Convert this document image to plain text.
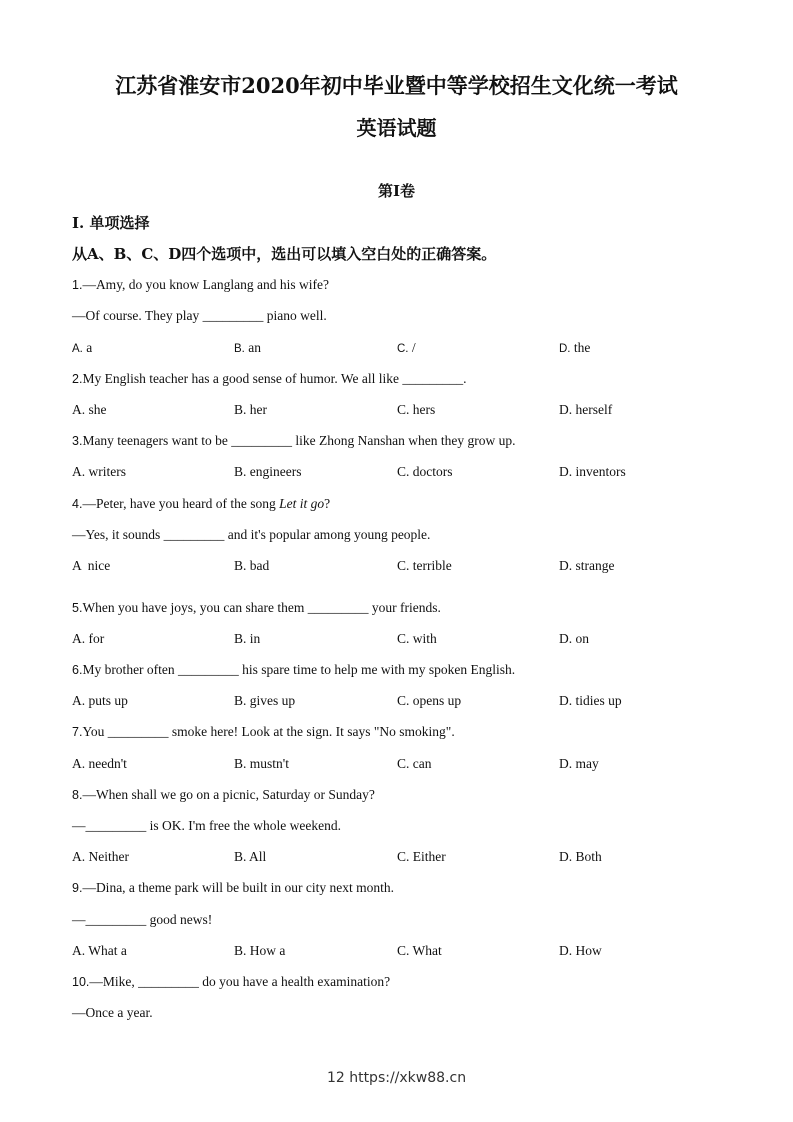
江苏省淮安市2020年初中毕业暨中等学校招生文化统一考试
英语试题
第I卷
I. 单项选择
从A、B、C、D四个选项中，选出可以填入空白处的正确答案。
1.—Amy, do you know Langlang and his wife?
—Of course. They play _________ piano well.
A. a	B. an	C. /	D. the
2.My English teacher has a good sense of humor. We all like _________.
A. she	B. her	C. hers	D. herself
3.Many teenagers want to be _________ like Zhong Nanshan when they grow up.
A. writers	B. engineers	C. doctors	D. inventors
4.—Peter, have you heard of the song Let it go?
—Yes, it sounds _________ and it's popular among young people.
A  nice	B. bad	C. terrible	D. strange
5.When you have joys, you can share them _________ your friends.
A. for	B. in	C. with	D. on
6.My brother often _________ his spare time to help me with my spoken English.
A. puts up	B. gives up	C. opens up	D. tidies up
7.You _________ smoke here! Look at the sign. It says "No smoking".
A. needn't	B. mustn't	C. can	D. may
8.—When shall we go on a picnic, Saturday or Sunday?
—_________ is OK. I'm free the whole weekend.
A. Neither	B. All	C. Either	D. Both
9.—Dina, a theme park will be built in our city next month.
—_________ good news!
A. What a	B. How a	C. What	D. How
10.—Mike, _________ do you have a health examination?
—Once a year.
12 https://xkw88.cn
